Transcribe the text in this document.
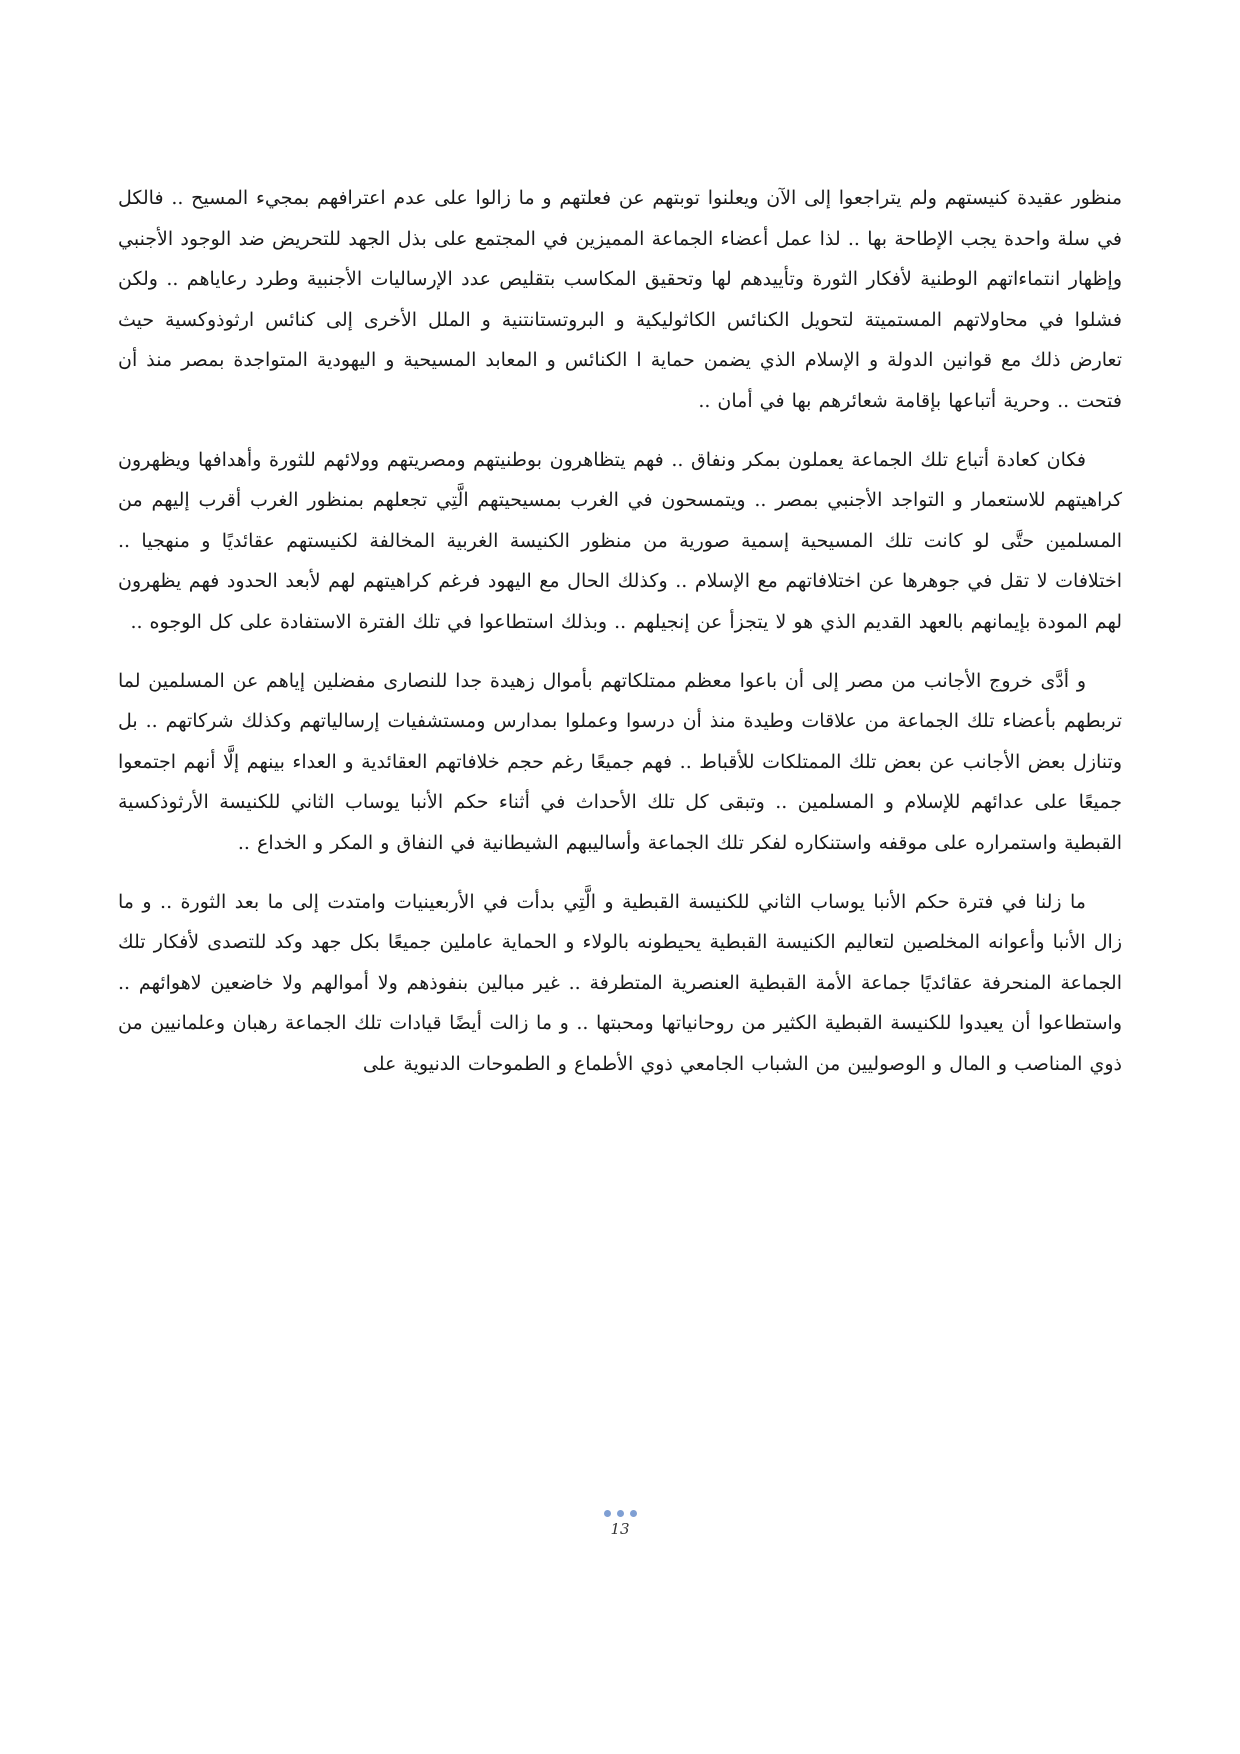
منظور عقيدة كنيستهم ولم يتراجعوا إلى الآن ويعلنوا توبتهم عن فعلتهم و ما زالوا على عدم اعترافهم بمجيء المسيح .. فالكل في سلة واحدة يجب الإطاحة بها .. لذا عمل أعضاء الجماعة المميزين في المجتمع على بذل الجهد للتحريض ضد الوجود الأجنبي وإظهار انتماءاتهم الوطنية لأفكار الثورة وتأييدهم لها وتحقيق المكاسب بتقليص عدد الإرساليات الأجنبية وطرد رعاياهم .. ولكن فشلوا في محاولاتهم المستميتة لتحويل الكنائس الكاثوليكية و البروتستانتنية و الملل الأخرى إلى كنائس ارثوذوكسية حيث تعارض ذلك مع قوانين الدولة و الإسلام الذي يضمن حماية ا الكنائس و المعابد المسيحية و اليهودية المتواجدة بمصر منذ أن فتحت .. وحرية أتباعها بإقامة شعائرهم بها في أمان ..

فكان كعادة أتباع تلك الجماعة يعملون بمكر ونفاق .. فهم يتظاهرون بوطنيتهم ومصريتهم وولائهم للثورة وأهدافها ويظهرون كراهيتهم للاستعمار و التواجد الأجنبي بمصر .. ويتمسحون في الغرب بمسيحيتهم الَّتِي تجعلهم بمنظور الغرب أقرب إليهم من المسلمين حتَّى لو كانت تلك المسيحية إسمية صورية من منظور الكنيسة الغربية المخالفة لكنيستهم عقائديًا و منهجيا .. اختلافات لا تقل في جوهرها عن اختلافاتهم مع الإسلام .. وكذلك الحال مع اليهود فرغم كراهيتهم لهم لأبعد الحدود فهم يظهرون لهم المودة بإيمانهم بالعهد القديم الذي هو لا يتجزأ عن إنجيلهم .. وبذلك استطاعوا في تلك الفترة الاستفادة على كل الوجوه ..

و أدَّى خروج الأجانب من مصر إلى أن باعوا معظم ممتلكاتهم بأموال زهيدة جدا للنصارى مفضلين إياهم عن المسلمين لما تربطهم بأعضاء تلك الجماعة من علاقات وطيدة منذ أن درسوا وعملوا بمدارس ومستشفيات إرسالياتهم وكذلك شركاتهم .. بل وتنازل بعض الأجانب عن بعض تلك الممتلكات للأقباط .. فهم جميعًا رغم حجم خلافاتهم العقائدية و العداء بينهم إلَّا أنهم اجتمعوا جميعًا على عدائهم للإسلام و المسلمين .. وتبقى كل تلك الأحداث في أثناء حكم الأنبا يوساب الثاني للكنيسة الأرثوذكسية القبطية واستمراره على موقفه واستنكاره لفكر تلك الجماعة وأساليبهم الشيطانية في النفاق و المكر و الخداع ..

ما زلنا في فترة حكم الأنبا يوساب الثاني للكنيسة القبطية و الَّتِي بدأت في الأربعينيات وامتدت إلى ما بعد الثورة .. و ما زال الأنبا وأعوانه المخلصين لتعاليم الكنيسة القبطية يحيطونه بالولاء و الحماية عاملين جميعًا بكل جهد وكد للتصدى لأفكار تلك الجماعة المنحرفة عقائديًا جماعة الأمة القبطية العنصرية المتطرفة .. غير مبالين بنفوذهم ولا أموالهم ولا خاضعين لاهوائهم .. واستطاعوا أن يعيدوا للكنيسة القبطية الكثير من روحانياتها ومحبتها .. و ما زالت أيضًا قيادات تلك الجماعة رهبان وعلمانيين من ذوي المناصب و المال و الوصوليين من الشباب الجامعي ذوي الأطماع و الطموحات الدنيوية على

13
